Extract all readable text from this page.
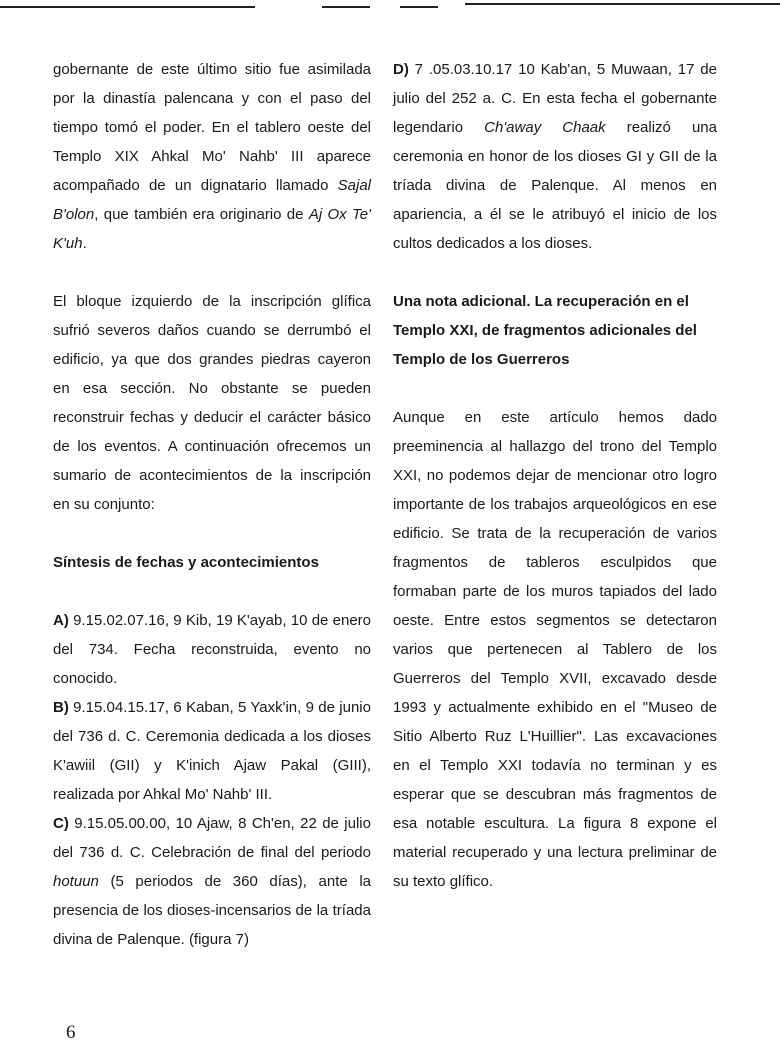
gobernante de este último sitio fue asimilada por la dinastía palencana y con el paso del tiempo tomó el poder. En el tablero oeste del Templo XIX Ahkal Mo' Nahb' III aparece acompañado de un dignatario llamado Sajal B'olon, que también era originario de Aj Ox Te' K'uh.

El bloque izquierdo de la inscripción glífica sufrió severos daños cuando se derrumbó el edificio, ya que dos grandes piedras cayeron en esa sección. No obstante se pueden reconstruir fechas y deducir el carácter básico de los eventos. A continuación ofrecemos un sumario de acontecimientos de la inscripción en su conjunto:

Síntesis de fechas y acontecimientos

A) 9.15.02.07.16, 9 Kib, 19 K'ayab, 10 de enero del 734. Fecha reconstruida, evento no conocido.

B) 9.15.04.15.17, 6 Kaban, 5 Yaxk'in, 9 de junio del 736 d. C. Ceremonia dedicada a los dioses K'awiil (GII) y K'inich Ajaw Pakal (GIII), realizada por Ahkal Mo' Nahb' III.

C) 9.15.05.00.00, 10 Ajaw, 8 Ch'en, 22 de julio del 736 d. C. Celebración de final del periodo hotuun (5 periodos de 360 días), ante la presencia de los dioses-incensarios de la tríada divina de Palenque. (figura 7)

D) 7 .05.03.10.17 10 Kab'an, 5 Muwaan, 17 de julio del 252 a. C. En esta fecha el gobernante legendario Ch'away Chaak realizó una ceremonia en honor de los dioses GI y GII de la tríada divina de Palenque. Al menos en apariencia, a él se le atribuyó el inicio de los cultos dedicados a los dioses.

Una nota adicional. La recuperación en el Templo XXI, de fragmentos adicionales del Templo de los Guerreros

Aunque en este artículo hemos dado preeminencia al hallazgo del trono del Templo XXI, no podemos dejar de mencionar otro logro importante de los trabajos arqueológicos en ese edificio. Se trata de la recuperación de varios fragmentos de tableros esculpidos que formaban parte de los muros tapiados del lado oeste. Entre estos segmentos se detectaron varios que pertenecen al Tablero de los Guerreros del Templo XVII, excavado desde 1993 y actualmente exhibido en el "Museo de Sitio Alberto Ruz L'Huillier". Las excavaciones en el Templo XXI todavía no terminan y es esperar que se descubran más fragmentos de esa notable escultura. La figura 8 expone el material recuperado y una lectura preliminar de su texto glífico.

6
